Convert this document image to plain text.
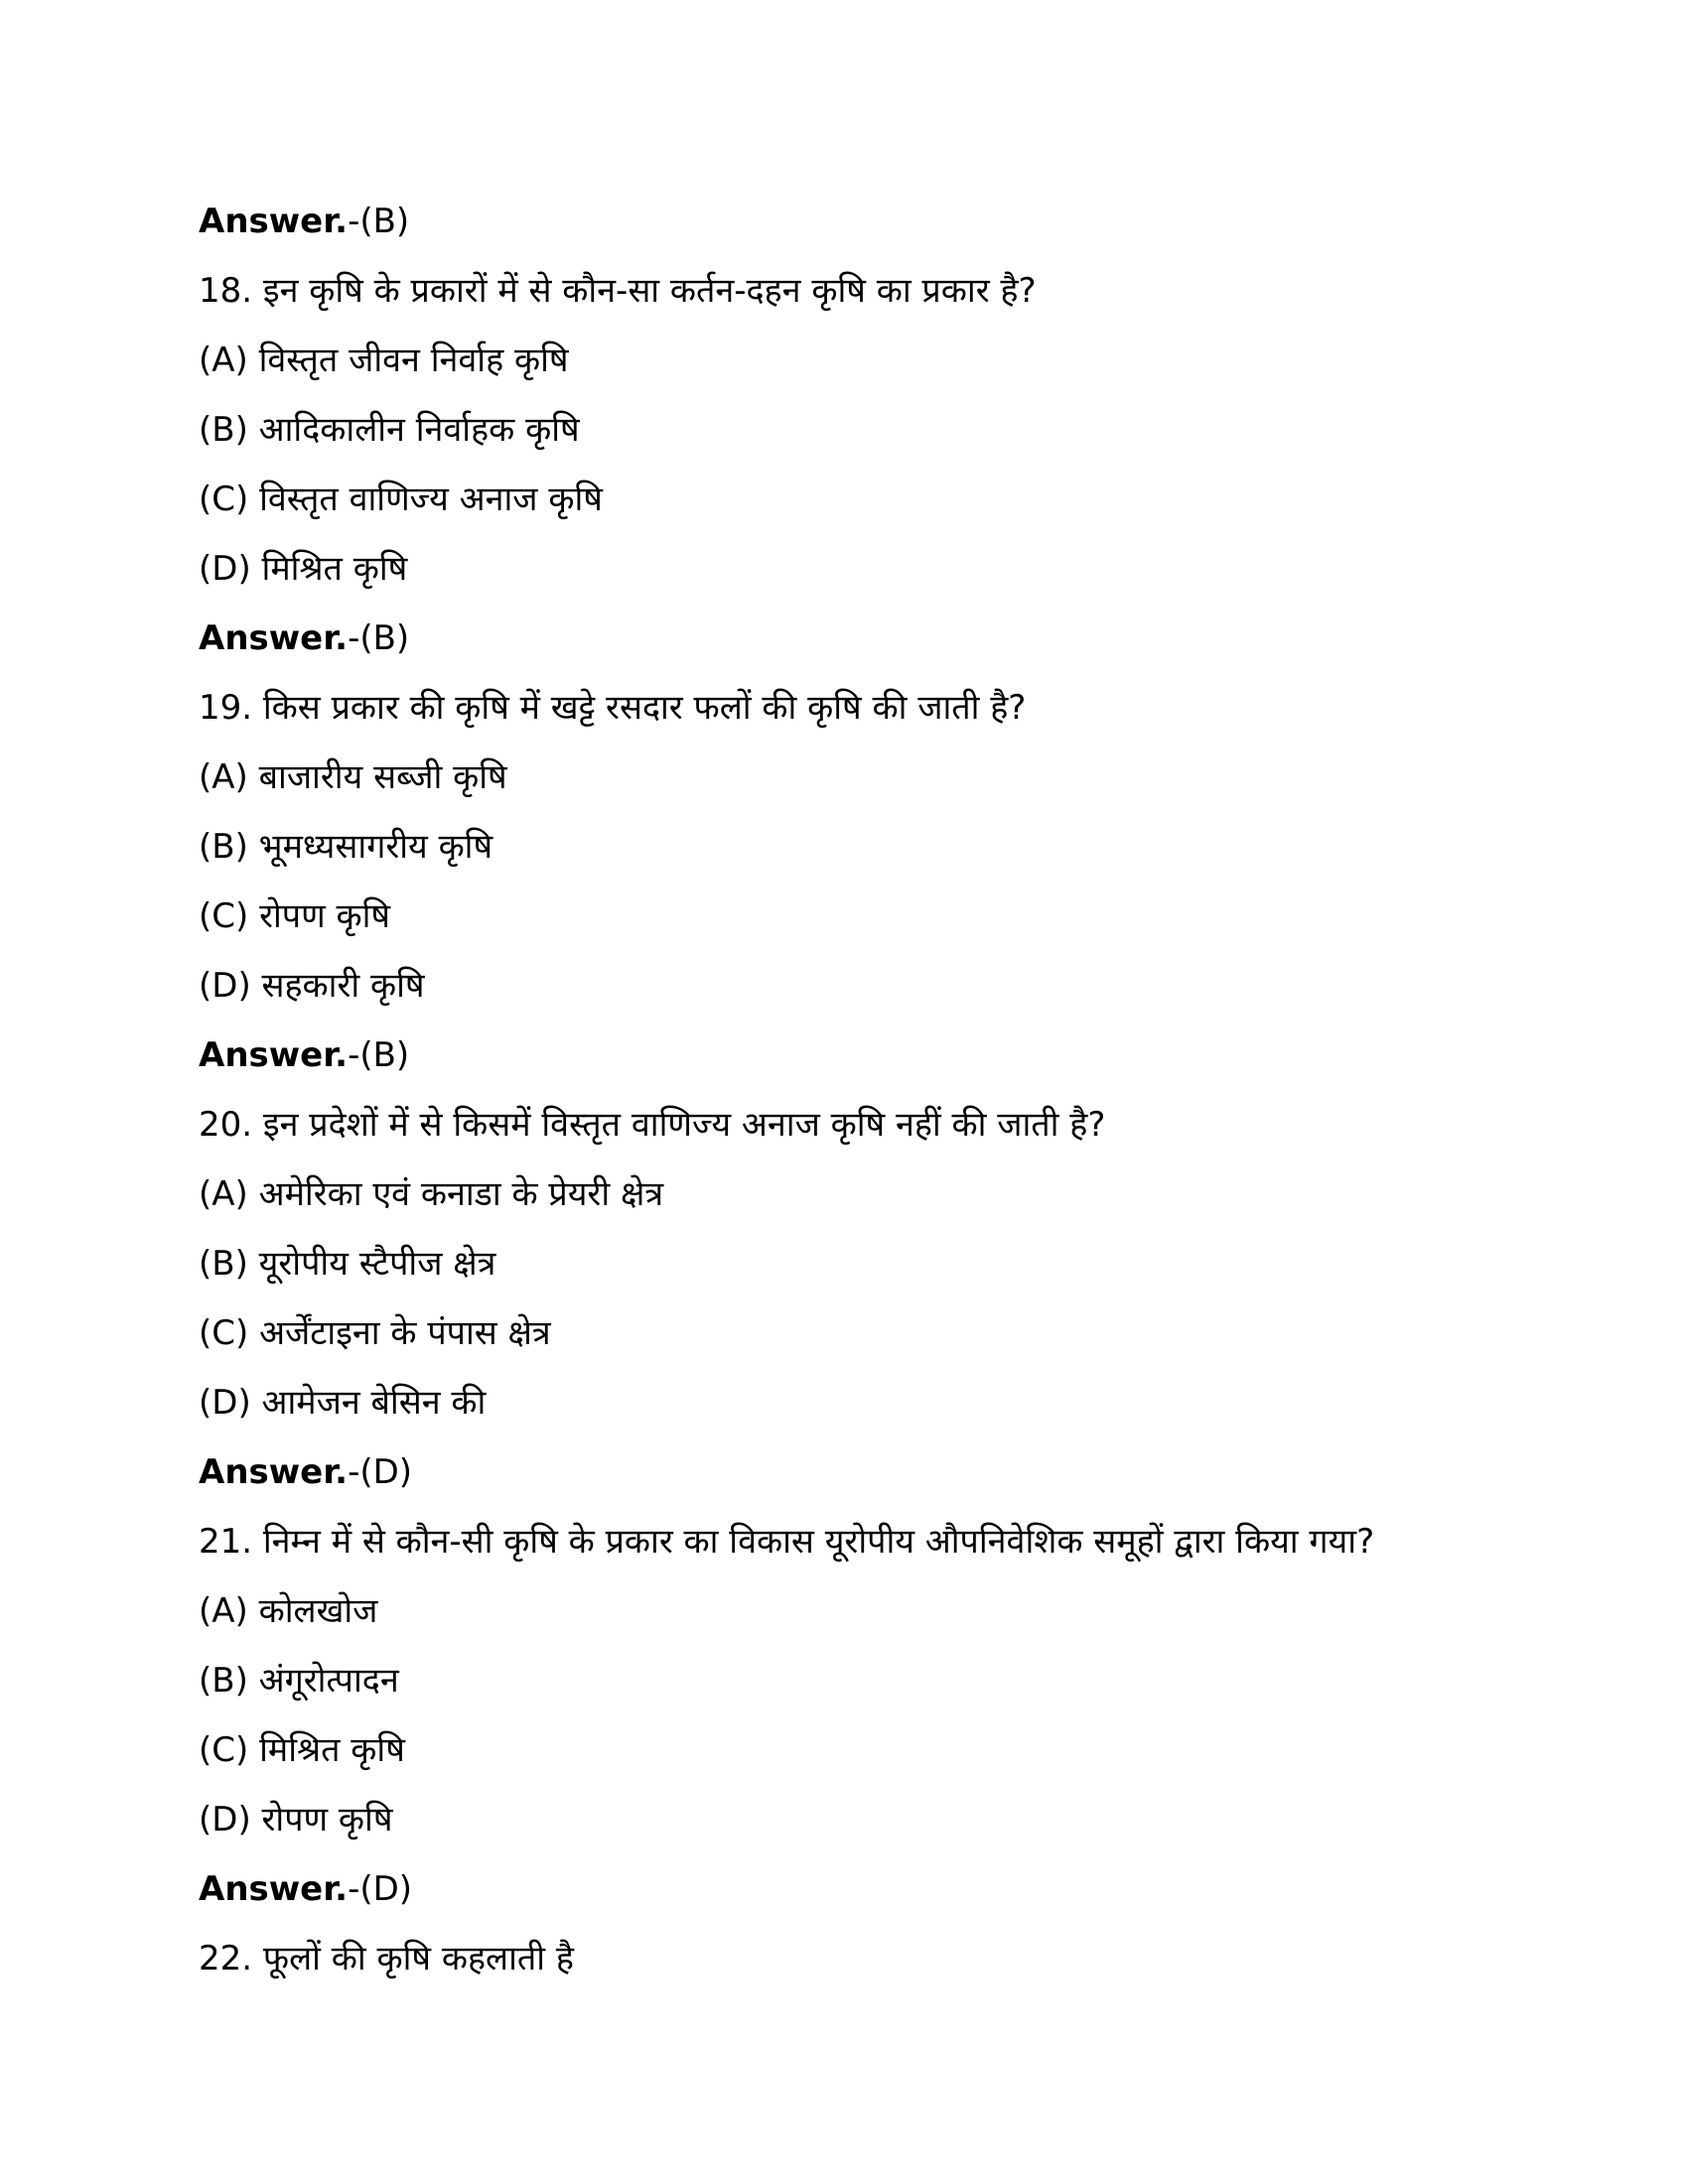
Answer.-(B)
18. इन कृषि के प्रकारों में से कौन-सा कर्तन-दहन कृषि का प्रकार है?
(A) विस्तृत जीवन निर्वाह कृषि
(B) आदिकालीन निर्वाहक कृषि
(C) विस्तृत वाणिज्य अनाज कृषि
(D) मिश्रित कृषि
Answer.-(B)
19. किस प्रकार की कृषि में खट्टे रसदार फलों की कृषि की जाती है?
(A) बाजारीय सब्जी कृषि
(B) भूमध्यसागरीय कृषि
(C) रोपण कृषि
(D) सहकारी कृषि
Answer.-(B)
20. इन प्रदेशों में से किसमें विस्तृत वाणिज्य अनाज कृषि नहीं की जाती है?
(A) अमेरिका एवं कनाडा के प्रेयरी क्षेत्र
(B) यूरोपीय स्टैपीज क्षेत्र
(C) अर्जेंटाइना के पंपास क्षेत्र
(D) आमेजन बेसिन की
Answer.-(D)
21. निम्न में से कौन-सी कृषि के प्रकार का विकास यूरोपीय औपनिवेशिक समूहों द्वारा किया गया?
(A) कोलखोज
(B) अंगूरोत्पादन
(C) मिश्रित कृषि
(D) रोपण कृषि
Answer.-(D)
22. फूलों की कृषि कहलाती है
